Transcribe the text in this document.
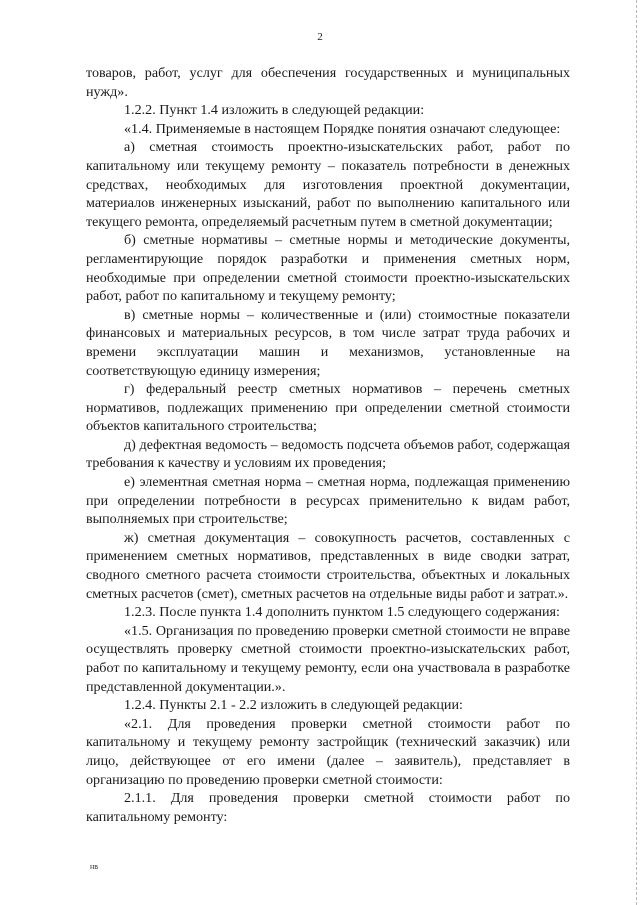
2

товаров, работ, услуг для обеспечения государственных и муниципальных нужд».

1.2.2. Пункт 1.4 изложить в следующей редакции:

«1.4. Применяемые в настоящем Порядке понятия означают следующее:

а) сметная стоимость проектно-изыскательских работ, работ по капитальному или текущему ремонту – показатель потребности в денежных средствах, необходимых для изготовления проектной документации, материалов инженерных изысканий, работ по выполнению капитального или текущего ремонта, определяемый расчетным путем в сметной документации;

б) сметные нормативы – сметные нормы и методические документы, регламентирующие порядок разработки и применения сметных норм, необходимые при определении сметной стоимости проектно-изыскательских работ, работ по капитальному и текущему ремонту;

в) сметные нормы – количественные и (или) стоимостные показатели финансовых и материальных ресурсов, в том числе затрат труда рабочих и времени эксплуатации машин и механизмов, установленные на соответствующую единицу измерения;

г) федеральный реестр сметных нормативов – перечень сметных нормативов, подлежащих применению при определении сметной стоимости объектов капитального строительства;

д) дефектная ведомость – ведомость подсчета объемов работ, содержащая требования к качеству и условиям их проведения;

е) элементная сметная норма – сметная норма, подлежащая применению при определении потребности в ресурсах применительно к видам работ, выполняемых при строительстве;

ж) сметная документация – совокупность расчетов, составленных с применением сметных нормативов, представленных в виде сводки затрат, сводного сметного расчета стоимости строительства, объектных и локальных сметных расчетов (смет), сметных расчетов на отдельные виды работ и затрат.».

1.2.3. После пункта 1.4 дополнить пунктом 1.5 следующего содержания:

«1.5. Организация по проведению проверки сметной стоимости не вправе осуществлять проверку сметной стоимости проектно-изыскательских работ, работ по капитальному и текущему ремонту, если она участвовала в разработке представленной документации.».

1.2.4. Пункты 2.1 - 2.2 изложить в следующей редакции:

«2.1. Для проведения проверки сметной стоимости работ по капитальному и текущему ремонту застройщик (технический заказчик) или лицо, действующее от его имени (далее – заявитель), представляет в организацию по проведению проверки сметной стоимости:

2.1.1. Для проведения проверки сметной стоимости работ по капитальному ремонту:

нв
